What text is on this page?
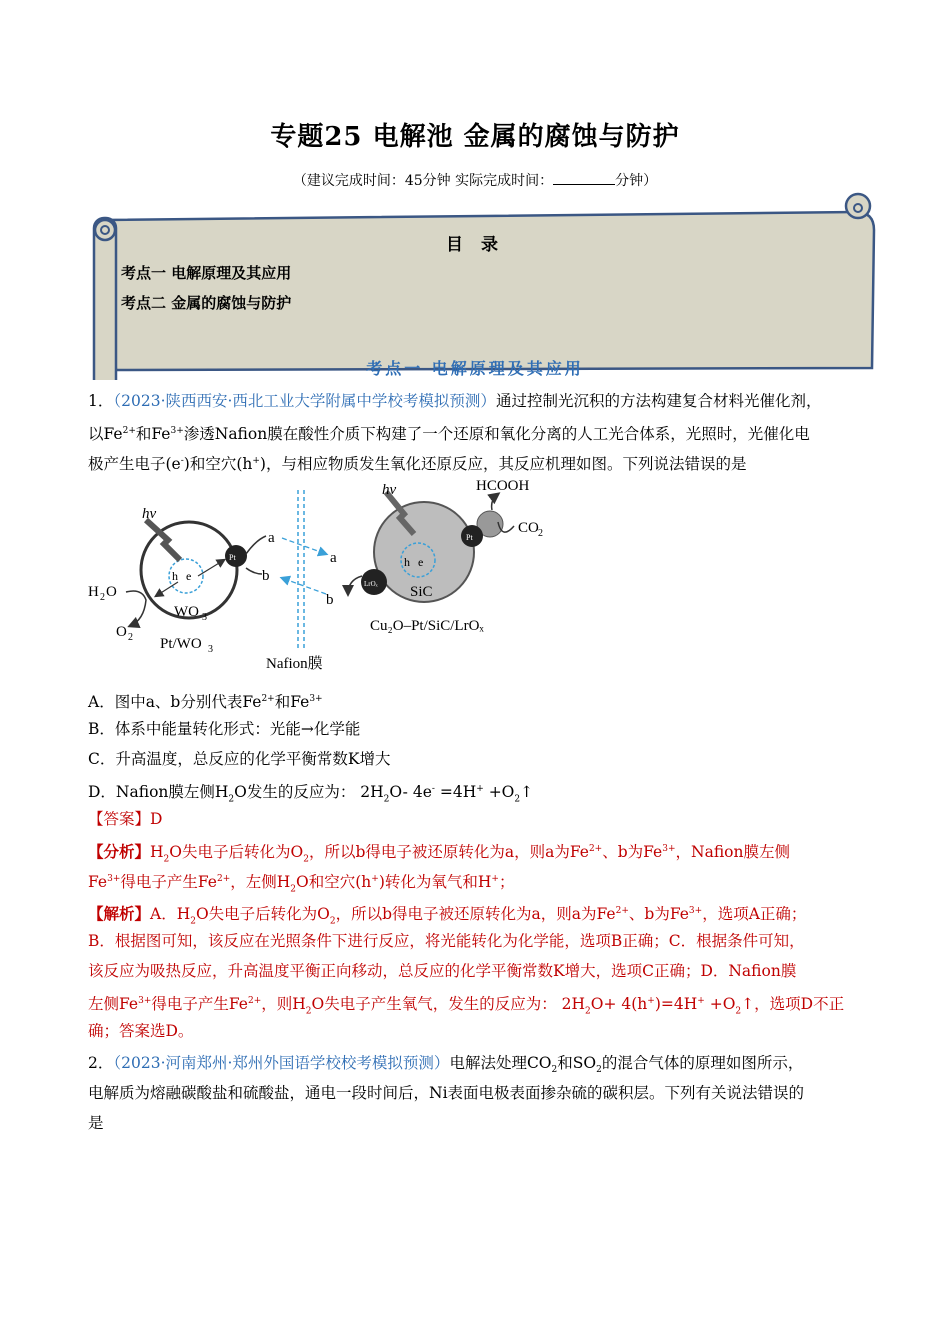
专题25 电解池 金属的腐蚀与防护
（建议完成时间：45分钟 实际完成时间：	分钟）
目 录
考点一 电解原理及其应用
考点二 金属的腐蚀与防护
考点一 电解原理及其应用
1．（2023·陕西西安·西北工业大学附属中学校考模拟预测）通过控制光沉积的方法构建复合材料光催化剂，
以$Fe^{2+}$和$Fe^{3+}$渗透Nafion膜在酸性介质下构建了一个还原和氧化分离的人工光合体系，光照时，光催化电
极产生电子(e-)和空穴(h+)，与相应物质发生氧化还原反应，其反应机理如图。下列说法错误的是
Pt
hv
h e
WO 3
H 2 O
O 2 Pt/WO 3
a
b
a
b
Nafion膜
Pt
LrOₓ
hv
h e
SiC
HCOOH
CO 2
Cu₂O–Pt/SiC/LrOₓ
A．图中a、b分别代表$Fe^{2+}$和$Fe^{3+}$
B．体系中能量转化形式：光能→化学能
C．升高温度，总反应的化学平衡常数K增大
D．Nafion膜左侧$H_2O$发生的反应为： $2H_2O-$ $4e^- =4H^+ +O_2↑$
【答案】D
【分析】$H_2O$失电子后转化为$O_2$，所以b得电子被还原转化为a，则a为$Fe^{2+}$、b为$Fe^{3+}$，Nafion膜左侧
$Fe^{3+}$得电子产生$Fe^{2+}$，左侧$H_2O$和空穴(h+)转化为氧气和H+；
【解析】A．$H_2O$失电子后转化为$O_2$，所以b得电子被还原转化为a，则a为$Fe^{2+}$、b为$Fe^{3+}$，选项A正确；
B．根据图可知，该反应在光照条件下进行反应，将光能转化为化学能，选项B正确；C．根据条件可知，
该反应为吸热反应，升高温度平衡正向移动，总反应的化学平衡常数K增大，选项C正确；D．Nafion膜
左侧$Fe^{3+}$得电子产生$Fe^{2+}$，则$H_2O$失电子产生氧气，发生的反应为： $2H_2O+ 4(h^+)=4H^+$ $+O_2↑$，选项D不正
确；答案选D。
2．（2023·河南郑州·郑州外国语学校校考模拟预测）电解法处理$CO_2$和$SO_2$的混合气体的原理如图所示，
电解质为熔融碳酸盐和硫酸盐，通电一段时间后，Ni表面电极表面掺杂硫的碳积层。下列有关说法错误的
是
